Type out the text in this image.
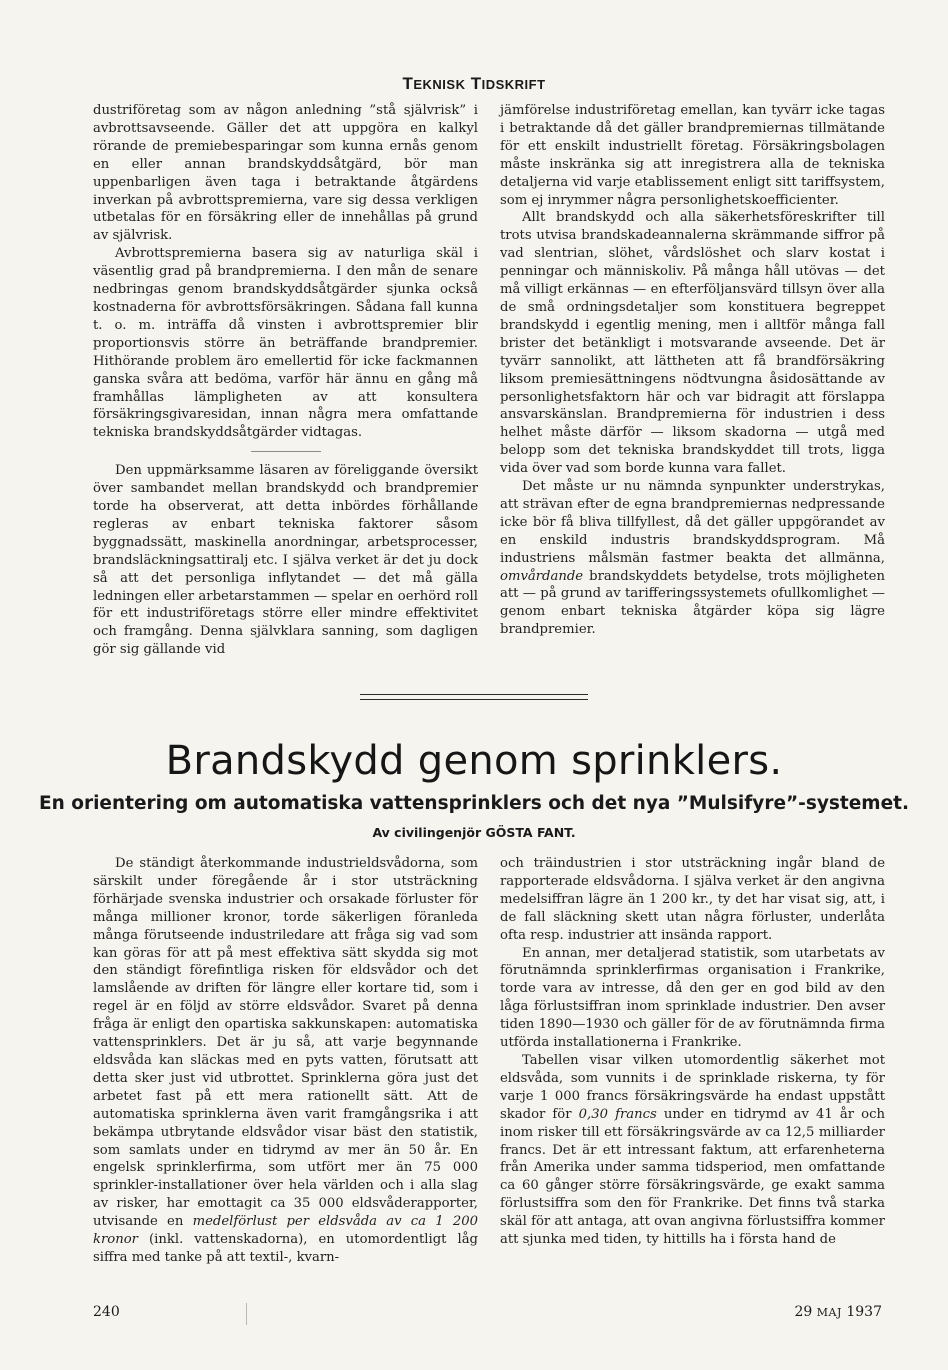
TEKNISK TIDSKRIFT

dustriföretag som av någon anledning ”stå självrisk” i avbrottsavseende. Gäller det att uppgöra en kalkyl rörande de premiebesparingar som kunna ernås genom en eller annan brandskyddsåtgärd, bör man uppenbarligen även taga i betraktande åtgärdens inverkan på avbrottspremierna, vare sig dessa verkligen utbetalas för en försäkring eller de innehållas på grund av självrisk.

Avbrottspremierna basera sig av naturliga skäl i väsentlig grad på brandpremierna. I den mån de senare nedbringas genom brandskyddsåtgärder sjunka också kostnaderna för avbrottsförsäkringen. Sådana fall kunna t. o. m. inträffa då vinsten i avbrottspremier blir proportionsvis större än beträffande brandpremier. Hithörande problem äro emellertid för icke fackmannen ganska svåra att bedöma, varför här ännu en gång må framhållas lämpligheten av att konsultera försäkringsgivaresidan, innan några mera omfattande tekniska brandskyddsåtgärder vidtagas.

Den uppmärksamme läsaren av föreliggande översikt över sambandet mellan brandskydd och brandpremier torde ha observerat, att detta inbördes förhållande regleras av enbart tekniska faktorer såsom byggnadssätt, maskinella anordningar, arbetsprocesser, brandsläckningsattiralj etc. I själva verket är det ju dock så att det personliga inflytandet — det må gälla ledningen eller arbetarstammen — spelar en oerhörd roll för ett industriföretags större eller mindre effektivitet och framgång. Denna självklara sanning, som dagligen gör sig gällande vid

jämförelse industriföretag emellan, kan tyvärr icke tagas i betraktande då det gäller brandpremiernas tillmätande för ett enskilt industriellt företag. Försäkringsbolagen måste inskränka sig att inregistrera alla de tekniska detaljerna vid varje etablissement enligt sitt tariffsystem, som ej inrymmer några personlighetskoefficienter.

Allt brandskydd och alla säkerhetsföreskrifter till trots utvisa brandskadeannalerna skrämmande siffror på vad slentrian, slöhet, vårdslöshet och slarv kostat i penningar och människoliv. På många håll utövas — det må villigt erkännas — en efterföljansvärd tillsyn över alla de små ordningsdetaljer som konstituera begreppet brandskydd i egentlig mening, men i alltför många fall brister det betänkligt i motsvarande avseende. Det är tyvärr sannolikt, att lättheten att få brandförsäkring liksom premiesättningens nödtvungna åsidosättande av personlighetsfaktorn här och var bidragit att förslappa ansvarskänslan. Brandpremierna för industrien i dess helhet måste därför — liksom skadorna — utgå med belopp som det tekniska brandskyddet till trots, ligga vida över vad som borde kunna vara fallet.

Det måste ur nu nämnda synpunkter understrykas, att strävan efter de egna brandpremiernas nedpressande icke bör få bliva tillfyllest, då det gäller uppgörandet av en enskild industris brandskyddsprogram. Må industriens målsmän fastmer beakta det allmänna, omvårdande brandskyddets betydelse, trots möjligheten att — på grund av tarifferingssystemets ofullkomlighet — genom enbart tekniska åtgärder köpa sig lägre brandpremier.

Brandskydd genom sprinklers.
En orientering om automatiska vattensprinklers och det nya ”Mulsifyre”-systemet.
Av civilingenjör GÖSTA FANT.

De ständigt återkommande industrieldsvådorna, som särskilt under föregående år i stor utsträckning förhärjade svenska industrier och orsakade förluster för många millioner kronor, torde säkerligen föranleda många förutseende industriledare att fråga sig vad som kan göras för att på mest effektiva sätt skydda sig mot den ständigt förefintliga risken för eldsvådor och det lamslående av driften för längre eller kortare tid, som i regel är en följd av större eldsvådor. Svaret på denna fråga är enligt den opartiska sakkunskapen: automatiska vattensprinklers. Det är ju så, att varje begynnande eldsvåda kan släckas med en pyts vatten, förutsatt att detta sker just vid utbrottet. Sprinklerna göra just det arbetet fast på ett mera rationellt sätt. Att de automatiska sprinklerna även varit framgångsrika i att bekämpa utbrytande eldsvådor visar bäst den statistik, som samlats under en tidrymd av mer än 50 år. En engelsk sprinklerfirma, som utfört mer än 75 000 sprinkler-installationer över hela världen och i alla slag av risker, har emottagit ca 35 000 eldsvåderapporter, utvisande en medelförlust per eldsvåda av ca 1 200 kronor (inkl. vattenskadorna), en utomordentligt låg siffra med tanke på att textil-, kvarn-

och träindustrien i stor utsträckning ingår bland de rapporterade eldsvådorna. I själva verket är den angivna medelsiffran lägre än 1 200 kr., ty det har visat sig, att, i de fall släckning skett utan några förluster, underlåta ofta resp. industrier att insända rapport.

En annan, mer detaljerad statistik, som utarbetats av förutnämnda sprinklerfirmas organisation i Frankrike, torde vara av intresse, då den ger en god bild av den låga förlustsiffran inom sprinklade industrier. Den avser tiden 1890—1930 och gäller för de av förutnämnda firma utförda installationerna i Frankrike.

Tabellen visar vilken utomordentlig säkerhet mot eldsvåda, som vunnits i de sprinklade riskerna, ty för varje 1 000 francs försäkringsvärde ha endast uppstått skador för 0,30 francs under en tidrymd av 41 år och inom risker till ett försäkringsvärde av ca 12,5 milliarder francs. Det är ett intressant faktum, att erfarenheterna från Amerika under samma tidsperiod, men omfattande ca 60 gånger större försäkringsvärde, ge exakt samma förlustsiffra som den för Frankrike. Det finns två starka skäl för att antaga, att ovan angivna förlustsiffra kommer att sjunka med tiden, ty hittills ha i första hand de

240	29 MAJ 1937
